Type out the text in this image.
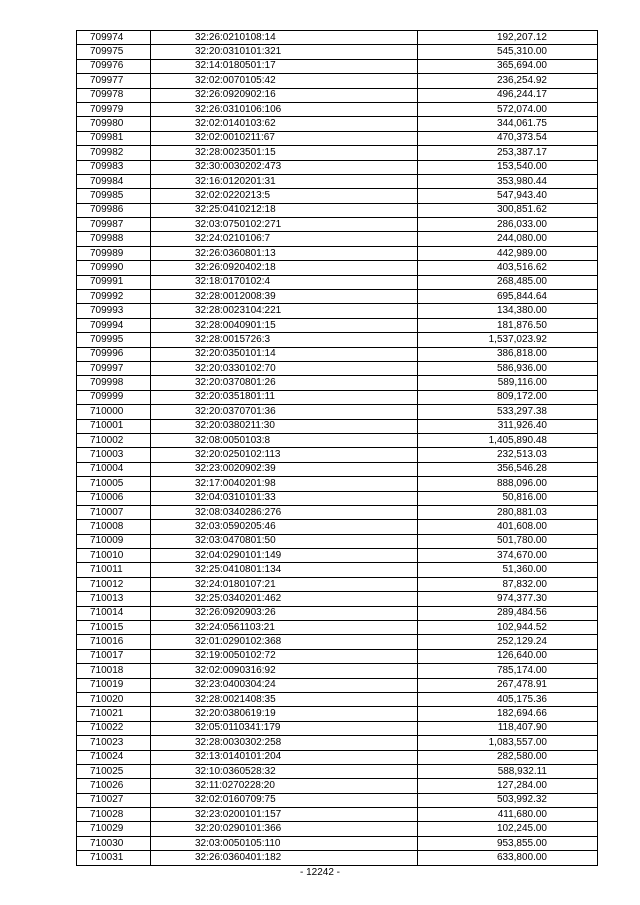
709974	32:26:0210108:14	192,207.12
709975	32:20:0310101:321	545,310.00
709976	32:14:0180501:17	365,694.00
709977	32:02:0070105:42	236,254.92
709978	32:26:0920902:16	496,244.17
709979	32:26:0310106:106	572,074.00
709980	32:02:0140103:62	344,061.75
709981	32:02:0010211:67	470,373.54
709982	32:28:0023501:15	253,387.17
709983	32:30:0030202:473	153,540.00
709984	32:16:0120201:31	353,980.44
709985	32:02:0220213:5	547,943.40
709986	32:25:0410212:18	300,851.62
709987	32:03:0750102:271	286,033.00
709988	32:24:0210106:7	244,080.00
709989	32:26:0360801:13	442,989.00
709990	32:26:0920402:18	403,516.62
709991	32:18:0170102:4	268,485.00
709992	32:28:0012008:39	695,844.64
709993	32:28:0023104:221	134,380.00
709994	32:28:0040901:15	181,876.50
709995	32:28:0015726:3	1,537,023.92
709996	32:20:0350101:14	386,818.00
709997	32:20:0330102:70	586,936.00
709998	32:20:0370801:26	589,116.00
709999	32:20:0351801:11	809,172.00
710000	32:20:0370701:36	533,297.38
710001	32:20:0380211:30	311,926.40
710002	32:08:0050103:8	1,405,890.48
710003	32:20:0250102:113	232,513.03
710004	32:23:0020902:39	356,546.28
710005	32:17:0040201:98	888,096.00
710006	32:04:0310101:33	50,816.00
710007	32:08:0340286:276	280,881.03
710008	32:03:0590205:46	401,608.00
710009	32:03:0470801:50	501,780.00
710010	32:04:0290101:149	374,670.00
710011	32:25:0410801:134	51,360.00
710012	32:24:0180107:21	87,832.00
710013	32:25:0340201:462	974,377.30
710014	32:26:0920903:26	289,484.56
710015	32:24:0561103:21	102,944.52
710016	32:01:0290102:368	252,129.24
710017	32:19:0050102:72	126,640.00
710018	32:02:0090316:92	785,174.00
710019	32:23:0400304:24	267,478.91
710020	32:28:0021408:35	405,175.36
710021	32:20:0380619:19	182,694.66
710022	32:05:0110341:179	118,407.90
710023	32:28:0030302:258	1,083,557.00
710024	32:13:0140101:204	282,580.00
710025	32:10:0360528:32	588,932.11
710026	32:11:0270228:20	127,284.00
710027	32:02:0160709:75	503,992.32
710028	32:23:0200101:157	411,680.00
710029	32:20:0290101:366	102,245.00
710030	32:03:0050105:110	953,855.00
710031	32:26:0360401:182	633,800.00
- 12242 -
